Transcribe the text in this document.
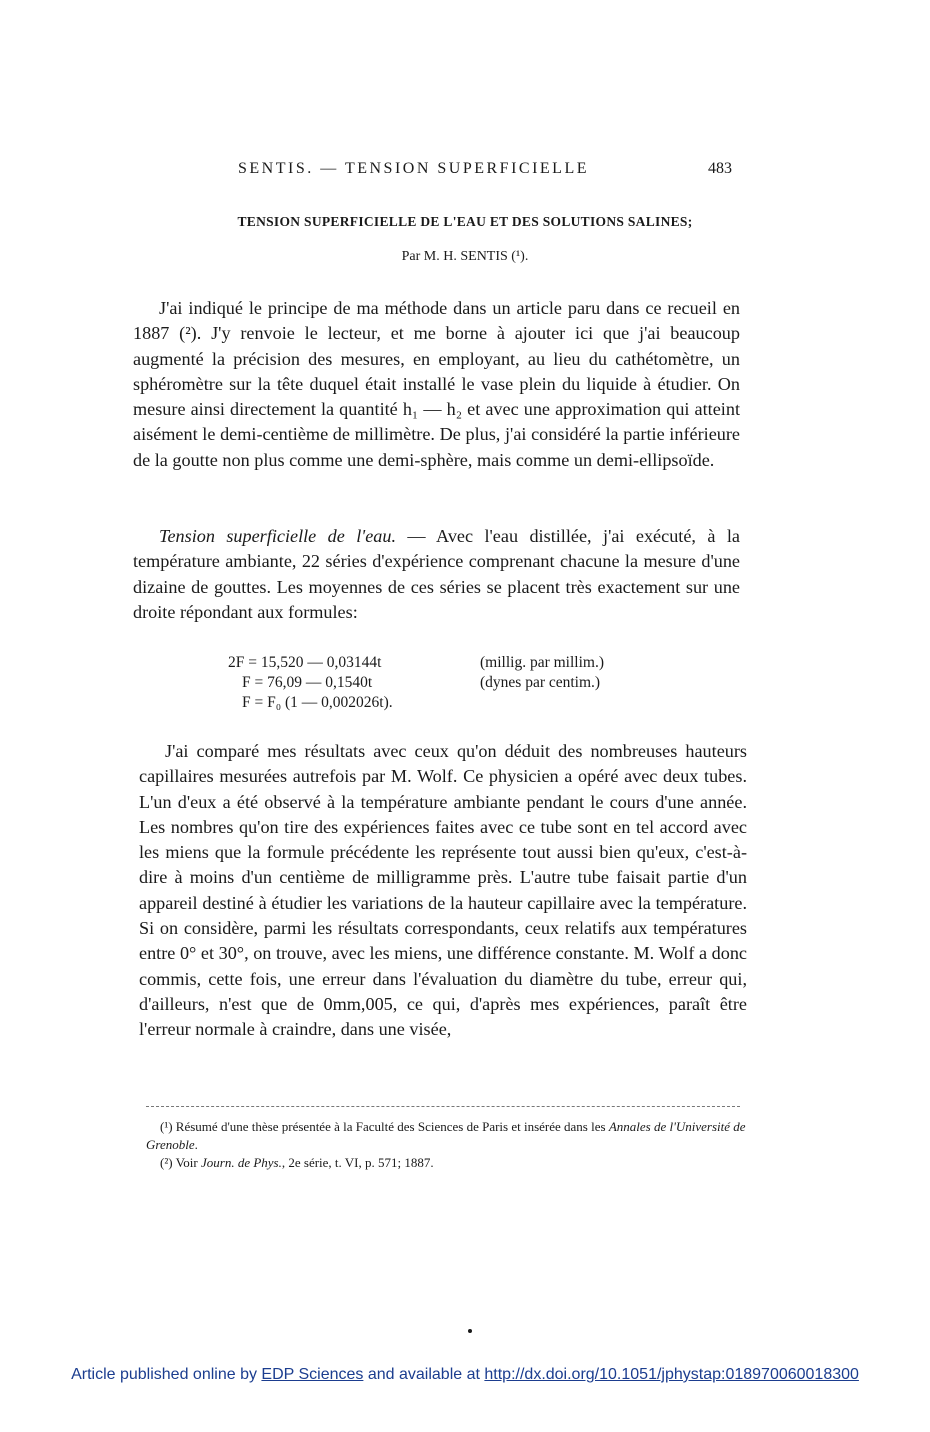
SENTIS. — TENSION SUPERFICIELLE	483
TENSION SUPERFICIELLE DE L'EAU ET DES SOLUTIONS SALINES;
Par M. H. SENTIS (¹).

J'ai indiqué le principe de ma méthode dans un article paru dans ce recueil en 1887 (²). J'y renvoie le lecteur, et me borne à ajouter ici que j'ai beaucoup augmenté la précision des mesures, en employant, au lieu du cathétomètre, un sphéromètre sur la tête duquel était installé le vase plein du liquide à étudier. On mesure ainsi directement la quantité h₁ — h₂ et avec une approximation qui atteint aisément le demi-centième de millimètre. De plus, j'ai considéré la partie inférieure de la goutte non plus comme une demi-sphère, mais comme un demi-ellipsoïde.

Tension superficielle de l'eau. — Avec l'eau distillée, j'ai exécuté, à la température ambiante, 22 séries d'expérience comprenant chacune la mesure d'une dizaine de gouttes. Les moyennes de ces séries se placent très exactement sur une droite répondant aux formules:

2F = 15,520 — 0,03144t	(millig. par millim.)
F = 76,09 — 0,1540t	(dynes par centim.)
F = F₀ (1 — 0,002026t).

J'ai comparé mes résultats avec ceux qu'on déduit des nombreuses hauteurs capillaires mesurées autrefois par M. Wolf. Ce physicien a opéré avec deux tubes. L'un d'eux a été observé à la température ambiante pendant le cours d'une année. Les nombres qu'on tire des expériences faites avec ce tube sont en tel accord avec les miens que la formule précédente les représente tout aussi bien qu'eux, c'est-à-dire à moins d'un centième de milligramme près. L'autre tube faisait partie d'un appareil destiné à étudier les variations de la hauteur capillaire avec la température. Si on considère, parmi les résultats correspondants, ceux relatifs aux températures entre 0° et 30°, on trouve, avec les miens, une différence constante. M. Wolf a donc commis, cette fois, une erreur dans l'évaluation du diamètre du tube, erreur qui, d'ailleurs, n'est que de 0mm,005, ce qui, d'après mes expériences, paraît être l'erreur normale à craindre, dans une visée,

(¹) Résumé d'une thèse présentée à la Faculté des Sciences de Paris et insérée dans les Annales de l'Université de Grenoble.

(²) Voir Journ. de Phys., 2e série, t. VI, p. 571; 1887.

Article published online by EDP Sciences and available at http://dx.doi.org/10.1051/jphystap:018970060018300
